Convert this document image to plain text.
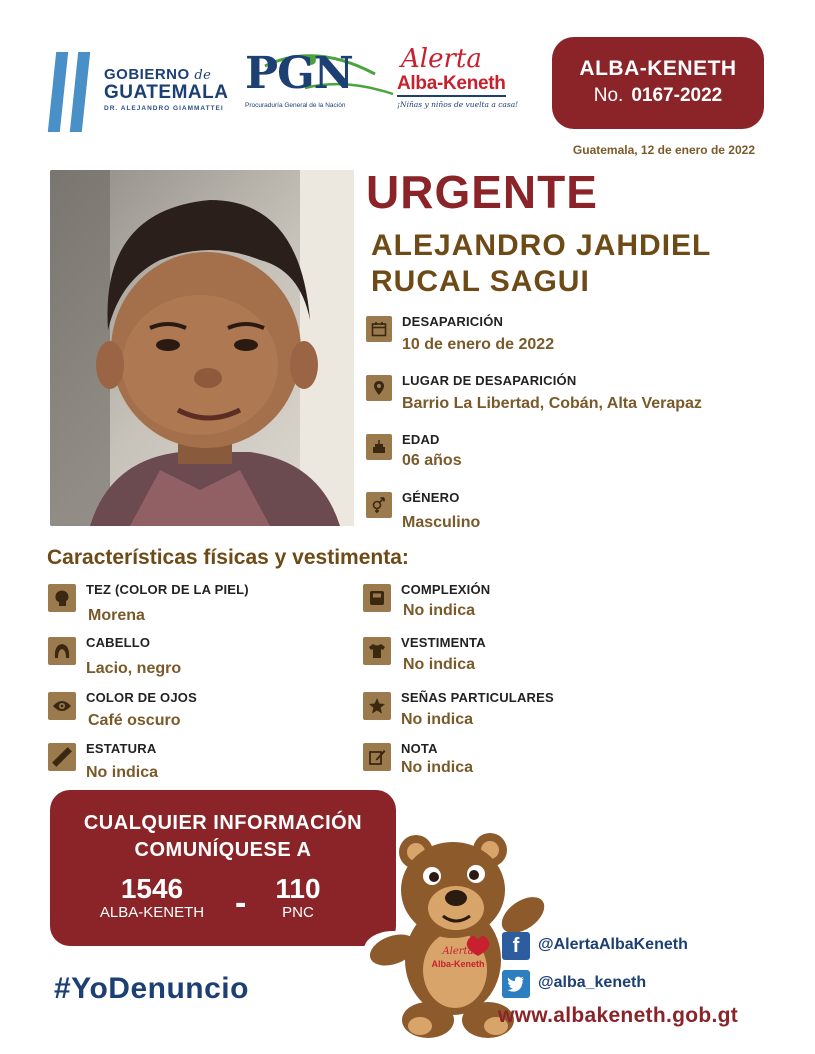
GOBIERNO de
GUATEMALA
DR. ALEJANDRO GIAMMATTEI
PGN
Procuraduría General de la Nación
Alerta
Alba-Keneth
¡Niñas y niños de vuelta a casa!
ALBA-KENETH
No. 0167-2022
Guatemala, 12 de enero de 2022
URGENTE
ALEJANDRO JAHDIEL
RUCAL SAGUI
DESAPARICIÓN
10 de enero de 2022
LUGAR DE DESAPARICIÓN
Barrio La Libertad, Cobán, Alta Verapaz
EDAD
06 años
GÉNERO
Masculino
Características físicas y vestimenta:
TEZ (COLOR DE LA PIEL)
Morena
COMPLEXIÓN
No indica
CABELLO
Lacio, negro
VESTIMENTA
No indica
COLOR DE OJOS
Café oscuro
SEÑAS PARTICULARES
No indica
ESTATURA
No indica
NOTA
No indica
CUALQUIER INFORMACIÓN
COMUNÍQUESE A
1546
ALBA-KENETH -	110
PNC
#YoDenuncio
Alerta
Alba-Keneth
f	@AlertaAlbaKeneth
@alba_keneth
www.albakeneth.gob.gt
